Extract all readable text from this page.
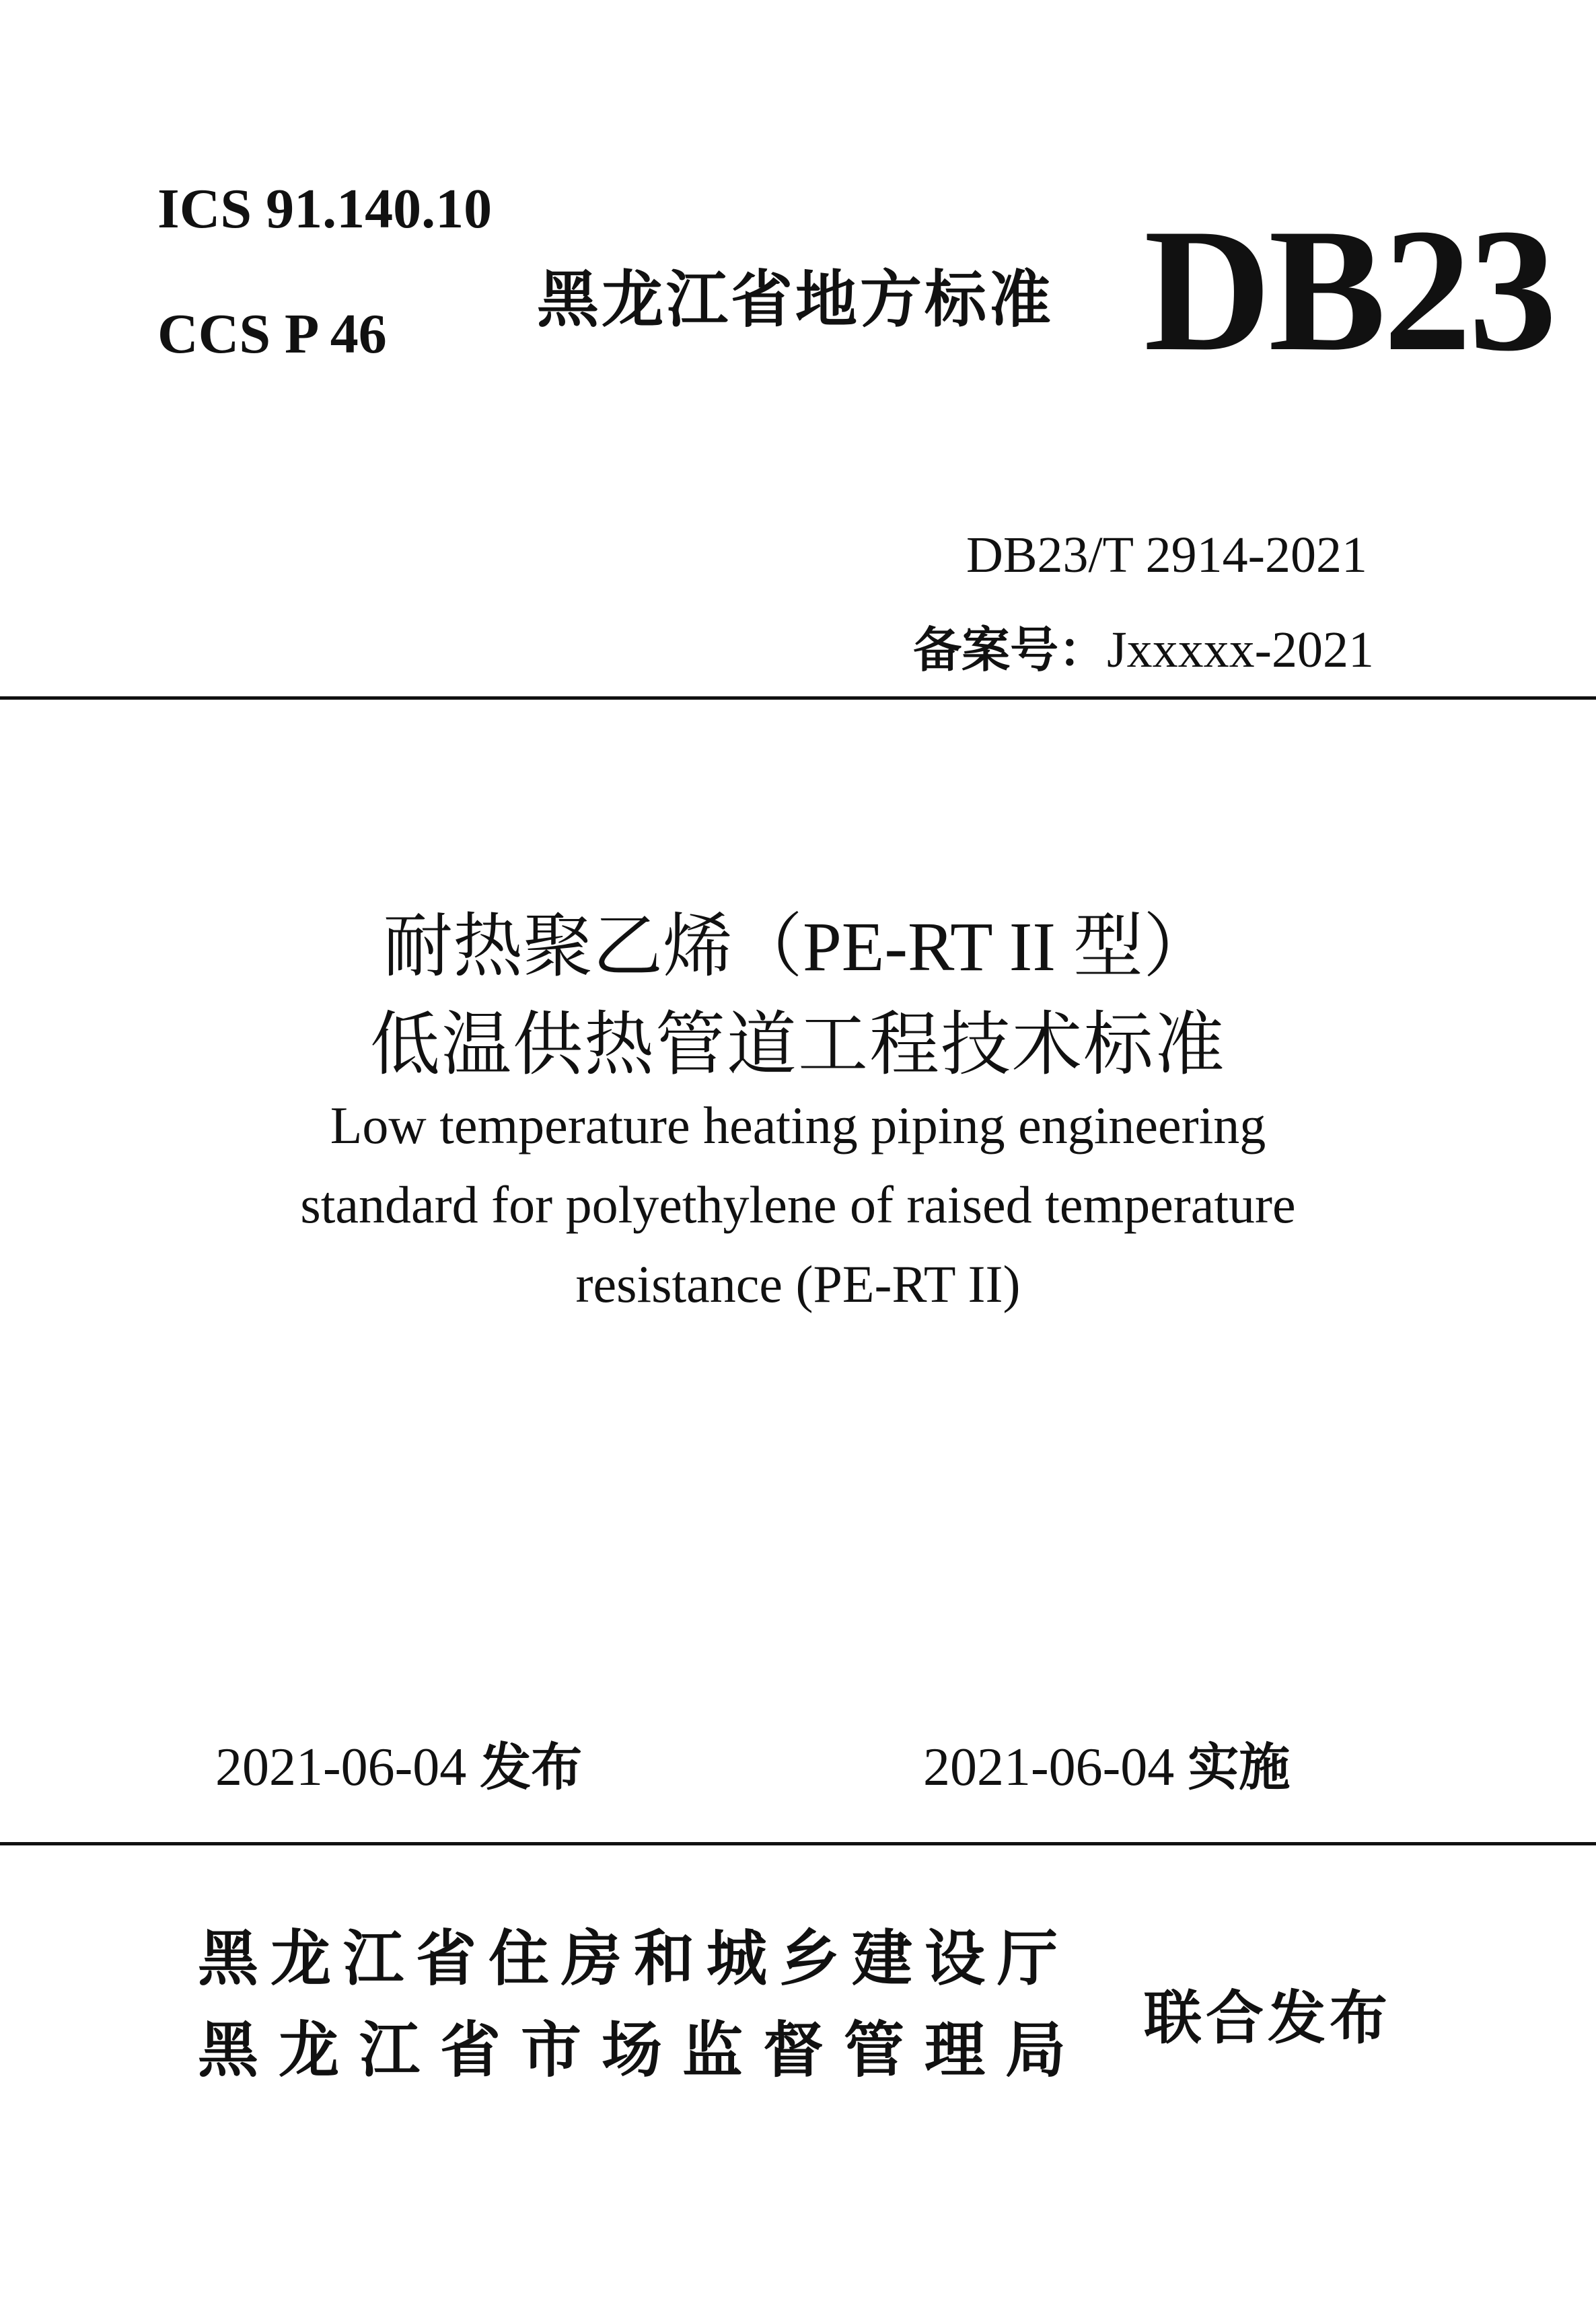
ICS 91.140.10
CCS P 46 黑龙江省地方标准 DB23
DB23/T 2914-2021
备案号：Jxxxxx-2021
耐热聚乙烯（PE-RT II 型）
低温供热管道工程技术标准
Low temperature heating piping engineering
standard for polyethylene of raised temperature
resistance (PE-RT II)
2021-06-04 发布	2021-06-04 实施
黑龙江省住房和城乡建设厅
黑龙江省市场监督管理局 联合发布
